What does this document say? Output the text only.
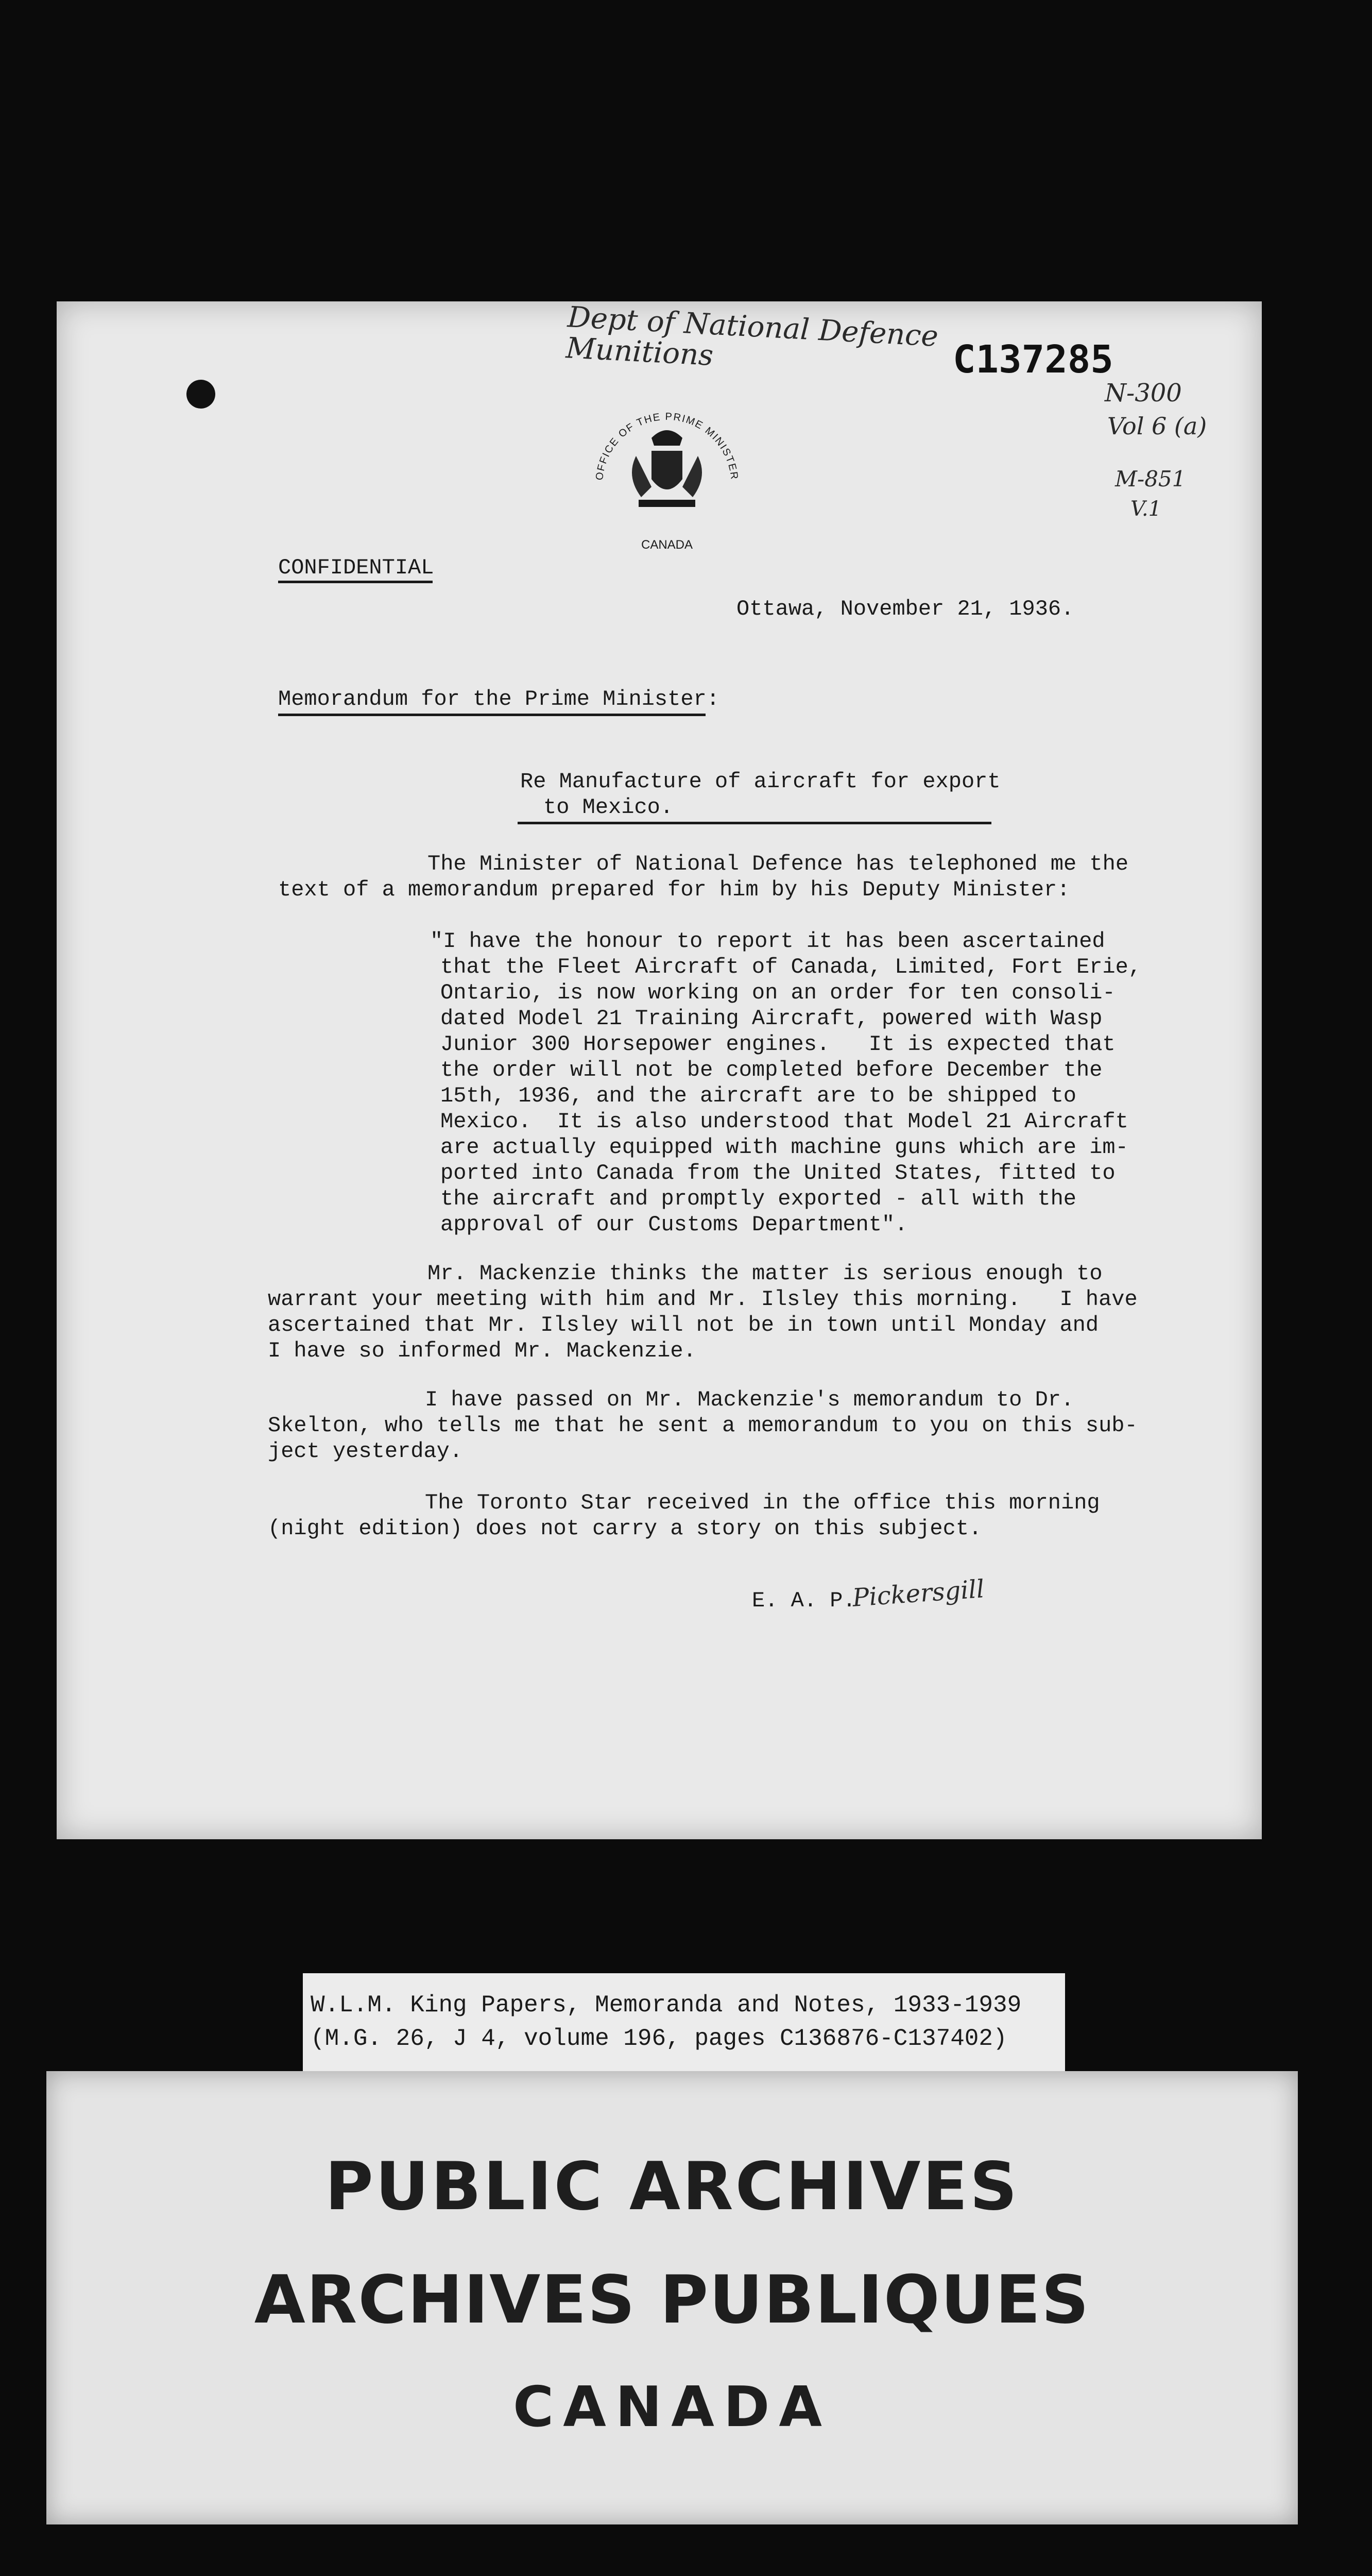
Dept of National Defence
Munitions	C137285
N-300
Vol 6 (a)
M-851
V.1
OFFICE OF THE PRIME MINISTER
CANADA
CONFIDENTIAL
Ottawa, November 21, 1936.
Memorandum for the Prime Minister:
Re Manufacture of aircraft for export
to Mexico.
The Minister of National Defence has telephoned me the
text of a memorandum prepared for him by his Deputy Minister:
"I have the honour to report it has been ascertained
that the Fleet Aircraft of Canada, Limited, Fort Erie,
Ontario, is now working on an order for ten consoli-
dated Model 21 Training Aircraft, powered with Wasp
Junior 300 Horsepower engines.   It is expected that
the order will not be completed before December the
15th, 1936, and the aircraft are to be shipped to
Mexico.  It is also understood that Model 21 Aircraft
are actually equipped with machine guns which are im-
ported into Canada from the United States, fitted to
the aircraft and promptly exported - all with the
approval of our Customs Department".
Mr. Mackenzie thinks the matter is serious enough to
warrant your meeting with him and Mr. Ilsley this morning.   I have
ascertained that Mr. Ilsley will not be in town until Monday and
I have so informed Mr. Mackenzie.
I have passed on Mr. Mackenzie's memorandum to Dr.
Skelton, who tells me that he sent a memorandum to you on this sub-
ject yesterday.
The Toronto Star received in the office this morning
(night edition) does not carry a story on this subject.
E. A. P.
Pickersgill
W.L.M. King Papers, Memoranda and Notes, 1933-1939
(M.G. 26, J 4, volume 196, pages C136876-C137402)
PUBLIC ARCHIVES
ARCHIVES PUBLIQUES
CANADA
